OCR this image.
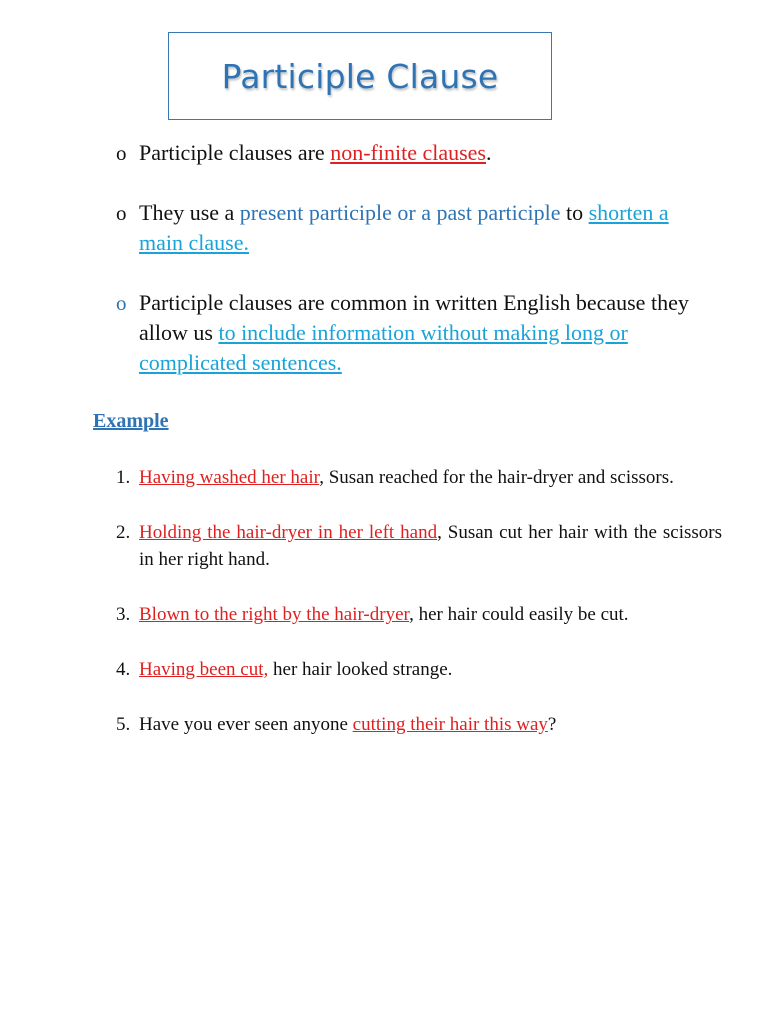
Participle Clause
o Participle clauses are non-finite clauses.
o They use a present participle or a past participle to shorten a main clause.
o Participle clauses are common in written English because they allow us to include information without making long or complicated sentences.
Example
1. Having washed her hair, Susan reached for the hair-dryer and scissors.
2. Holding the hair-dryer in her left hand, Susan cut her hair with the scissors in her right hand.
3. Blown to the right by the hair-dryer, her hair could easily be cut.
4. Having been cut, her hair looked strange.
5. Have you ever seen anyone cutting their hair this way?
